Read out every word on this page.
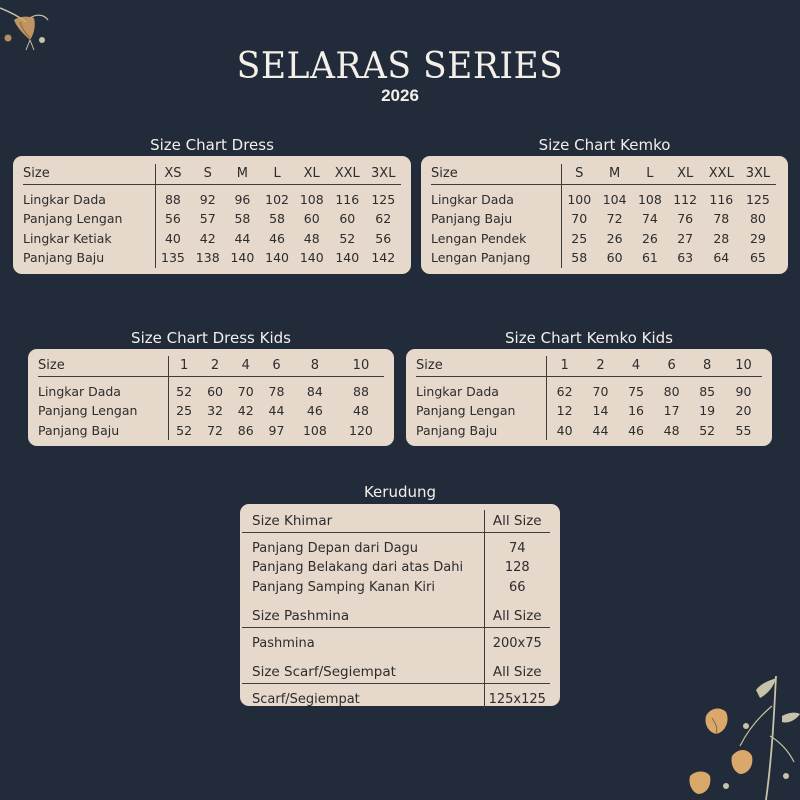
SELARAS SERIES
2026
Size Chart Dress
Size	XS	S	M	L	XL	XXL	3XL
Lingkar Dada	88	92	96	102	108	116	125
Panjang Lengan	56	57	58	58	60	60	62
Lingkar Ketiak	40	42	44	46	48	52	56
Panjang Baju	135	138	140	140	140	140	142
Size Chart Kemko
Size	S	M	L	XL	XXL	3XL
Lingkar Dada	100	104	108	112	116	125
Panjang Baju	70	72	74	76	78	80
Lengan Pendek	25	26	26	27	28	29
Lengan Panjang	58	60	61	63	64	65
Size Chart Dress Kids
Size	1	2	4	6	8	10
Lingkar Dada	52	60	70	78	84	88
Panjang Lengan	25	32	42	44	46	48
Panjang Baju	52	72	86	97	108	120
Size Chart Kemko Kids
Size	1	2	4	6	8	10
Lingkar Dada	62	70	75	80	85	90
Panjang Lengan	12	14	16	17	19	20
Panjang Baju	40	44	46	48	52	55
Kerudung
Size Khimar	All Size
Panjang Depan dari Dagu	74
Panjang Belakang dari atas Dahi	128
Panjang Samping Kanan Kiri	66

Size Pashmina	All Size
Pashmina	200x75

Size Scarf/Segiempat	All Size
Scarf/Segiempat	125x125
